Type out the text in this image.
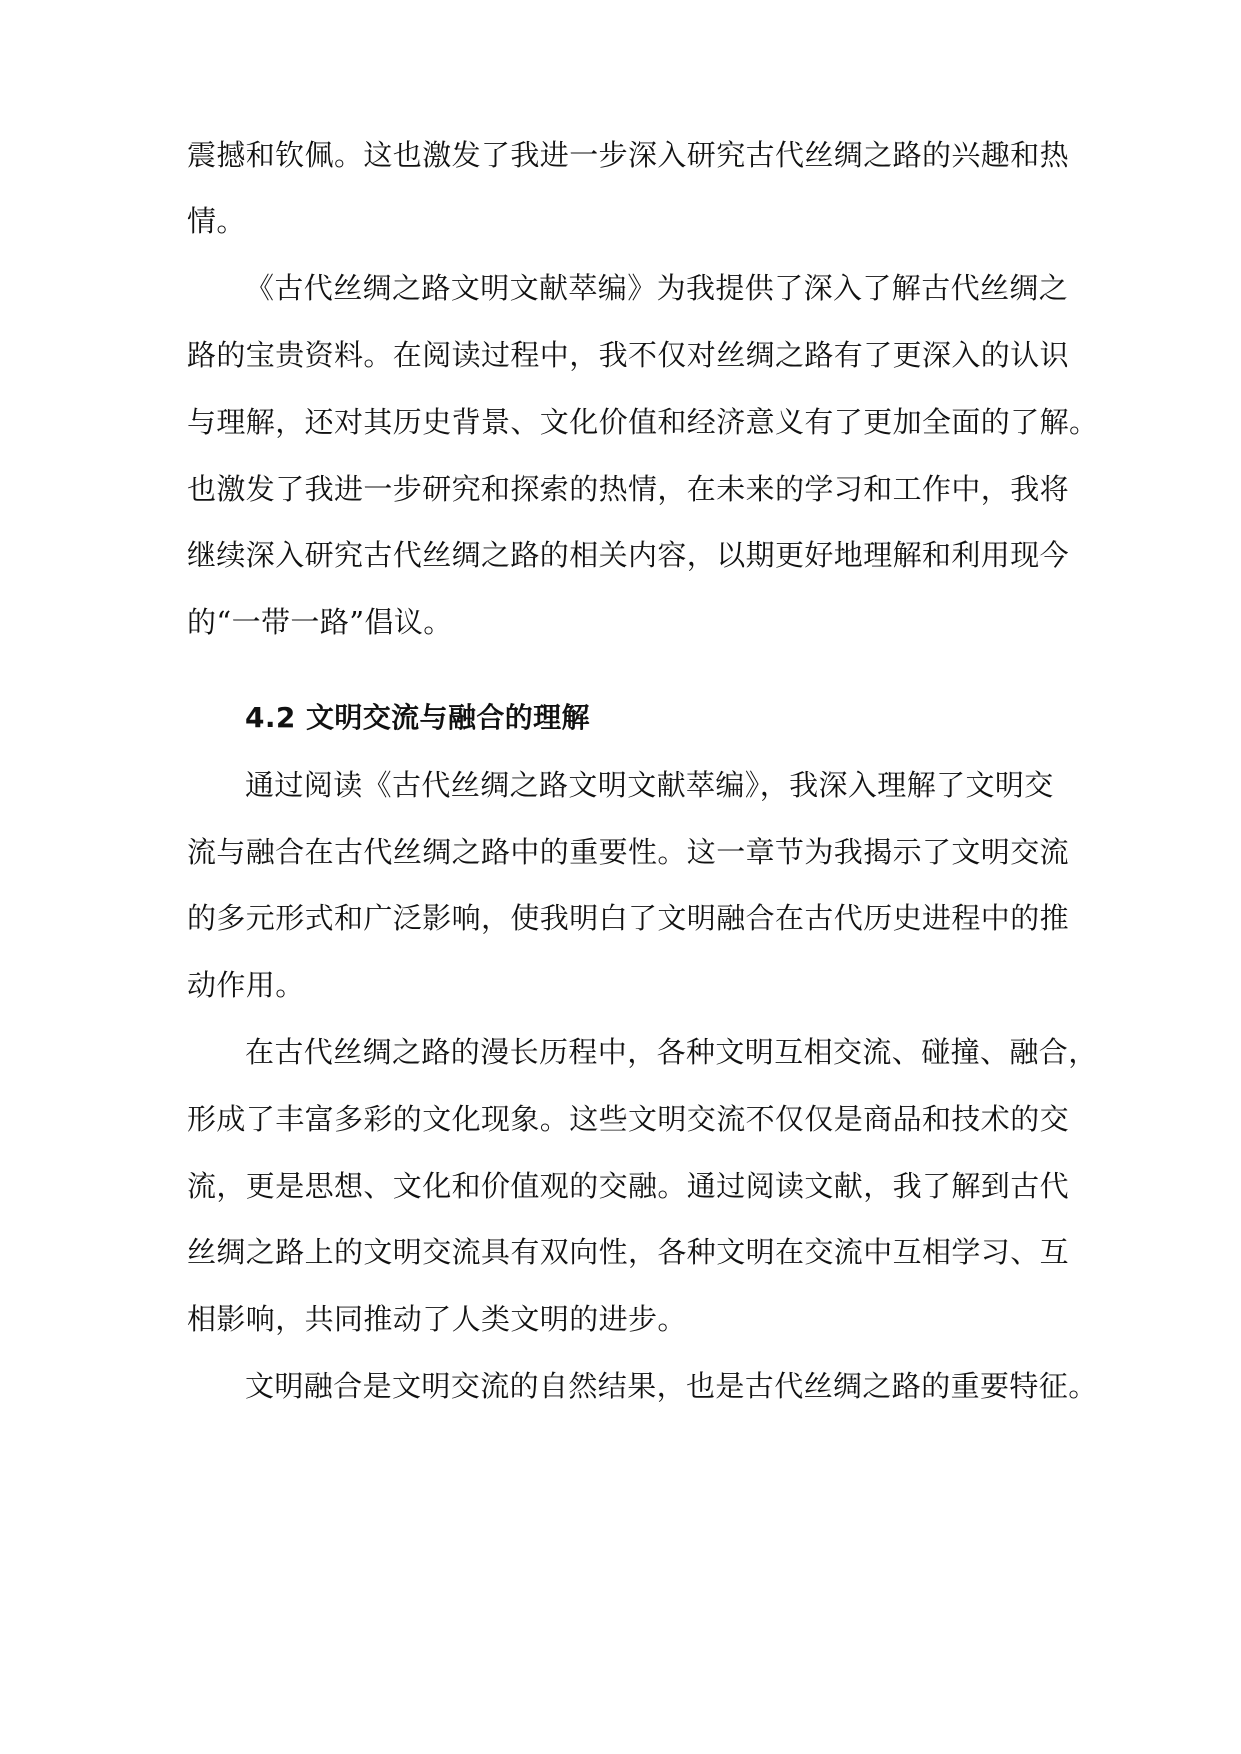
震撼和钦佩。这也激发了我进一步深入研究古代丝绸之路的兴趣和热
情。
《古代丝绸之路文明文献萃编》为我提供了深入了解古代丝绸之
路的宝贵资料。在阅读过程中，我不仅对丝绸之路有了更深入的认识
与理解，还对其历史背景、文化价值和经济意义有了更加全面的了解。
也激发了我进一步研究和探索的热情，在未来的学习和工作中，我将
继续深入研究古代丝绸之路的相关内容，以期更好地理解和利用现今
的“一带一路”倡议。
4.2 文明交流与融合的理解
通过阅读《古代丝绸之路文明文献萃编》，我深入理解了文明交
流与融合在古代丝绸之路中的重要性。这一章节为我揭示了文明交流
的多元形式和广泛影响，使我明白了文明融合在古代历史进程中的推
动作用。
在古代丝绸之路的漫长历程中，各种文明互相交流、碰撞、融合，
形成了丰富多彩的文化现象。这些文明交流不仅仅是商品和技术的交
流，更是思想、文化和价值观的交融。通过阅读文献，我了解到古代
丝绸之路上的文明交流具有双向性，各种文明在交流中互相学习、互
相影响，共同推动了人类文明的进步。
文明融合是文明交流的自然结果，也是古代丝绸之路的重要特征。
